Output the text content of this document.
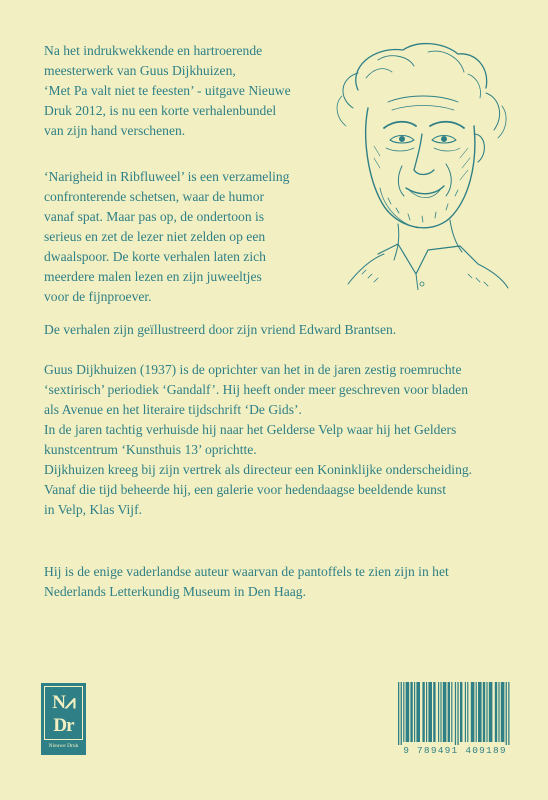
Na het indrukwekkende en hartroerende
meesterwerk van Guus Dijkhuizen,
‘Met Pa valt niet te feesten’ - uitgave Nieuwe
Druk 2012, is nu een korte verhalenbundel
van zijn hand verschenen.
‘Narigheid in Ribfluweel’ is een verzameling
confronterende schetsen, waar de humor
vanaf spat. Maar pas op, de ondertoon is
serieus en zet de lezer niet zelden op een
dwaalspoor. De korte verhalen laten zich
meerdere malen lezen en zijn juweeltjes
voor de fijnproever.

De verhalen zijn geïllustreerd door zijn vriend Edward Brantsen.

Guus Dijkhuizen (1937) is de oprichter van het in de jaren zestig roemruchte
‘sextirisch’ periodiek ‘Gandalf’. Hij heeft onder meer geschreven voor bladen
als Avenue en het literaire tijdschrift ‘De Gids’.
In de jaren tachtig verhuisde hij naar het Gelderse Velp waar hij het Gelders
kunstcentrum ‘Kunsthuis 13’ oprichtte.
Dijkhuizen kreeg bij zijn vertrek als directeur een Koninklijke onderscheiding.
Vanaf die tijd beheerde hij, een galerie voor hedendaagse beeldende kunst
in Velp, Klas Vijf.
Hij is de enige vaderlandse auteur waarvan de pantoffels te zien zijn in het
Nederlands Letterkundig Museum in Den Haag.
N⩘
Dr
Nieuwe Druk	9 789491 409189
